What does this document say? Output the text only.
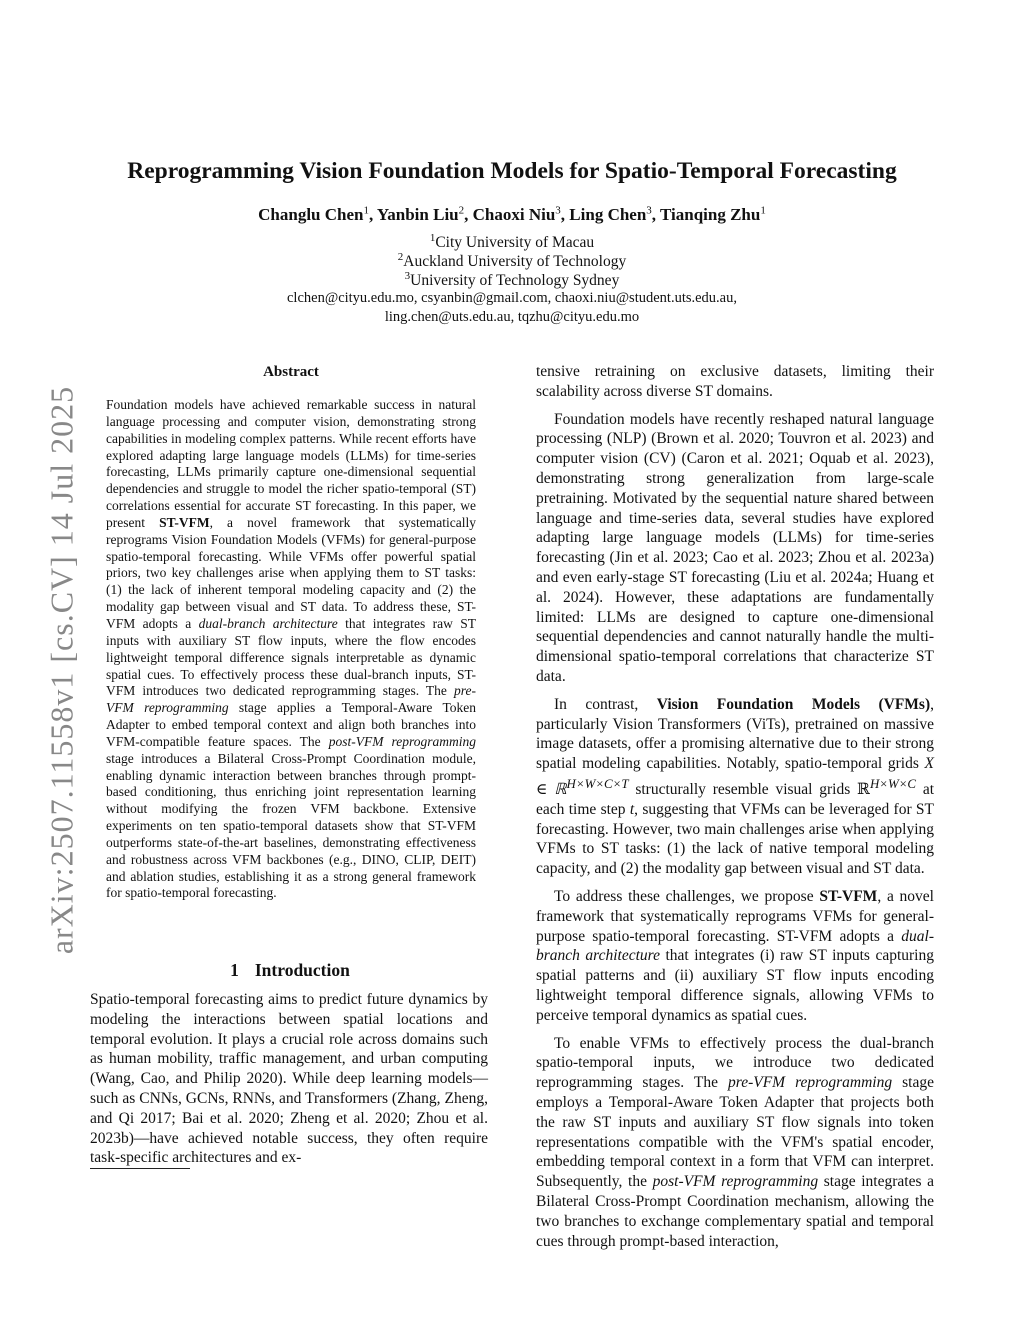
arXiv:2507.11558v1 [cs.CV] 14 Jul 2025
Reprogramming Vision Foundation Models for Spatio-Temporal Forecasting
Changlu Chen$^1$, Yanbin Liu$^2$, Chaoxi Niu$^3$, Ling Chen$^3$, Tianqing Zhu$^1$
$^1$City University of Macau
$^2$Auckland University of Technology
$^3$University of Technology Sydney
clchen@cityu.edu.mo, csyanbin@gmail.com, chaoxi.niu@student.uts.edu.au,
ling.chen@uts.edu.au, tqzhu@cityu.edu.mo
Abstract
Foundation models have achieved remarkable success in natural language processing and computer vision, demonstrating strong capabilities in modeling complex patterns. While recent efforts have explored adapting large language models (LLMs) for time-series forecasting, LLMs primarily capture one-dimensional sequential dependencies and struggle to model the richer spatio-temporal (ST) correlations essential for accurate ST forecasting. In this paper, we present ST-VFM, a novel framework that systematically reprograms Vision Foundation Models (VFMs) for general-purpose spatio-temporal forecasting. While VFMs offer powerful spatial priors, two key challenges arise when applying them to ST tasks: (1) the lack of inherent temporal modeling capacity and (2) the modality gap between visual and ST data. To address these, ST-VFM adopts a dual-branch architecture that integrates raw ST inputs with auxiliary ST flow inputs, where the flow encodes lightweight temporal difference signals interpretable as dynamic spatial cues. To effectively process these dual-branch inputs, ST-VFM introduces two dedicated reprogramming stages. The pre-VFM reprogramming stage applies a Temporal-Aware Token Adapter to embed temporal context and align both branches into VFM-compatible feature spaces. The post-VFM reprogramming stage introduces a Bilateral Cross-Prompt Coordination module, enabling dynamic interaction between branches through prompt-based conditioning, thus enriching joint representation learning without modifying the frozen VFM backbone. Extensive experiments on ten spatio-temporal datasets show that ST-VFM outperforms state-of-the-art baselines, demonstrating effectiveness and robustness across VFM backbones (e.g., DINO, CLIP, DEIT) and ablation studies, establishing it as a strong general framework for spatio-temporal forecasting.
1 Introduction

Spatio-temporal forecasting aims to predict future dynamics by modeling the interactions between spatial locations and temporal evolution. It plays a crucial role across domains such as human mobility, traffic management, and urban computing (Wang, Cao, and Philip 2020). While deep learning models—such as CNNs, GCNs, RNNs, and Transformers (Zhang, Zheng, and Qi 2017; Bai et al. 2020; Zheng et al. 2020; Zhou et al. 2023b)—have achieved notable success, they often require task-specific architectures and ex-

tensive retraining on exclusive datasets, limiting their scalability across diverse ST domains.

Foundation models have recently reshaped natural language processing (NLP) (Brown et al. 2020; Touvron et al. 2023) and computer vision (CV) (Caron et al. 2021; Oquab et al. 2023), demonstrating strong generalization from large-scale pretraining. Motivated by the sequential nature shared between language and time-series data, several studies have explored adapting large language models (LLMs) for time-series forecasting (Jin et al. 2023; Cao et al. 2023; Zhou et al. 2023a) and even early-stage ST forecasting (Liu et al. 2024a; Huang et al. 2024). However, these adaptations are fundamentally limited: LLMs are designed to capture one-dimensional sequential dependencies and cannot naturally handle the multi-dimensional spatio-temporal correlations that characterize ST data.

In contrast, Vision Foundation Models (VFMs), particularly Vision Transformers (ViTs), pretrained on massive image datasets, offer a promising alternative due to their strong spatial modeling capabilities. Notably, spatio-temporal grids X ∈ ℝ$^{H\times W\times C\times T}$ structurally resemble visual grids ℝ$^{H\times W\times C}$ at each time step t, suggesting that VFMs can be leveraged for ST forecasting. However, two main challenges arise when applying VFMs to ST tasks: (1) the lack of native temporal modeling capacity, and (2) the modality gap between visual and ST data.

To address these challenges, we propose ST-VFM, a novel framework that systematically reprograms VFMs for general-purpose spatio-temporal forecasting. ST-VFM adopts a dual-branch architecture that integrates (i) raw ST inputs capturing spatial patterns and (ii) auxiliary ST flow inputs encoding lightweight temporal difference signals, allowing VFMs to perceive temporal dynamics as spatial cues.

To enable VFMs to effectively process the dual-branch spatio-temporal inputs, we introduce two dedicated reprogramming stages. The pre-VFM reprogramming stage employs a Temporal-Aware Token Adapter that projects both the raw ST inputs and auxiliary ST flow signals into token representations compatible with the VFM's spatial encoder, embedding temporal context in a form that VFM can interpret. Subsequently, the post-VFM reprogramming stage integrates a Bilateral Cross-Prompt Coordination mechanism, allowing the two branches to exchange complementary spatial and temporal cues through prompt-based interaction,
